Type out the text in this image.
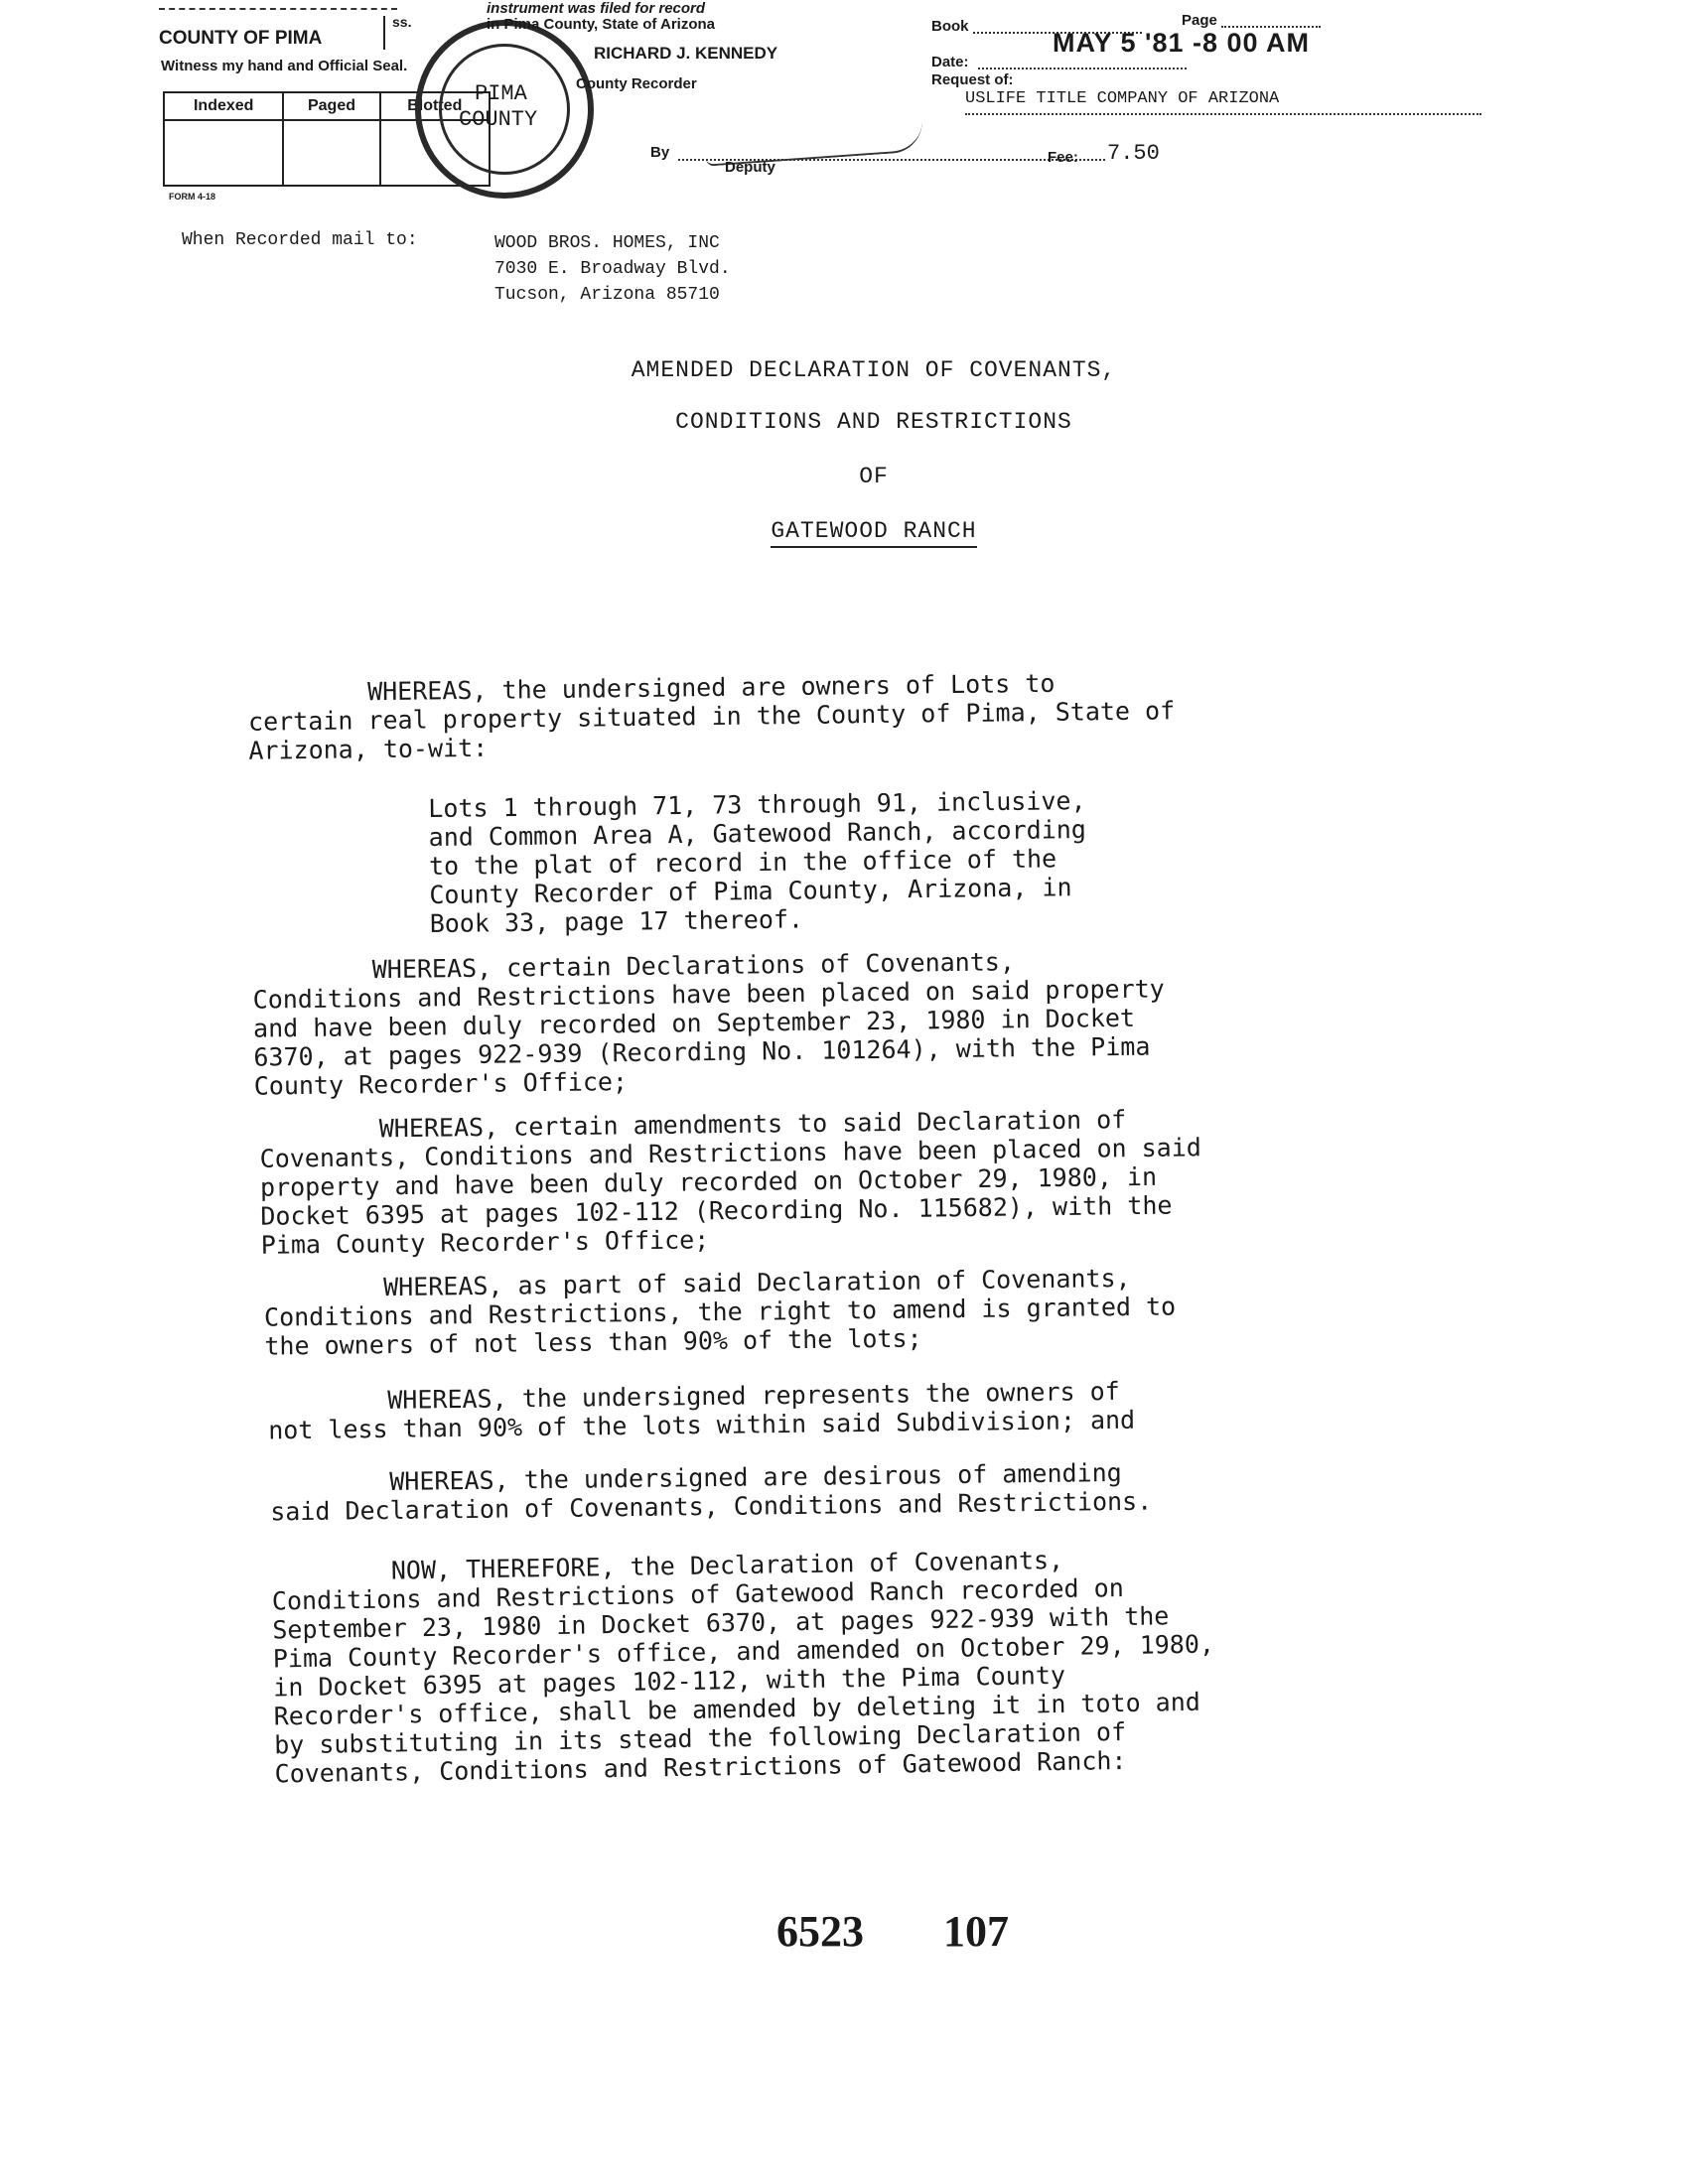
COUNTY OF PIMA
ss.
Witness my hand and Official Seal.
Indexed	Paged	Blotted

FORM 4-18
PIMA
COUNTY
instrument was filed for record
in Pima County, State of Arizona
RICHARD J. KENNEDY
County Recorder
By
Deputy
Book	Page
Date:
MAY 5 '81 -8 00 AM
Request of:
USLIFE TITLE COMPANY OF ARIZONA
Fee: 7.50
When Recorded mail to:	WOOD BROS. HOMES, INC
7030 E. Broadway Blvd.
Tucson, Arizona 85710
AMENDED DECLARATION OF COVENANTS,
CONDITIONS AND RESTRICTIONS
OF
GATEWOOD RANCH
WHEREAS, the undersigned are owners of Lots to
certain real property situated in the County of Pima, State of
Arizona, to-wit:
Lots 1 through 71, 73 through 91, inclusive,
and Common Area A, Gatewood Ranch, according
to the plat of record in the office of the
County Recorder of Pima County, Arizona, in
Book 33, page 17 thereof.
WHEREAS, certain Declarations of Covenants,
Conditions and Restrictions have been placed on said property
and have been duly recorded on September 23, 1980 in Docket
6370, at pages 922-939 (Recording No. 101264), with the Pima
County Recorder's Office;
WHEREAS, certain amendments to said Declaration of
Covenants, Conditions and Restrictions have been placed on said
property and have been duly recorded on October 29, 1980, in
Docket 6395 at pages 102-112 (Recording No. 115682), with the
Pima County Recorder's Office;
WHEREAS, as part of said Declaration of Covenants,
Conditions and Restrictions, the right to amend is granted to
the owners of not less than 90% of the lots;
WHEREAS, the undersigned represents the owners of
not less than 90% of the lots within said Subdivision; and
WHEREAS, the undersigned are desirous of amending
said Declaration of Covenants, Conditions and Restrictions.
NOW, THEREFORE, the Declaration of Covenants,
Conditions and Restrictions of Gatewood Ranch recorded on
September 23, 1980 in Docket 6370, at pages 922-939 with the
Pima County Recorder's office, and amended on October 29, 1980,
in Docket 6395 at pages 102-112, with the Pima County
Recorder's office, shall be amended by deleting it in toto and
by substituting in its stead the following Declaration of
Covenants, Conditions and Restrictions of Gatewood Ranch:
6523 107
